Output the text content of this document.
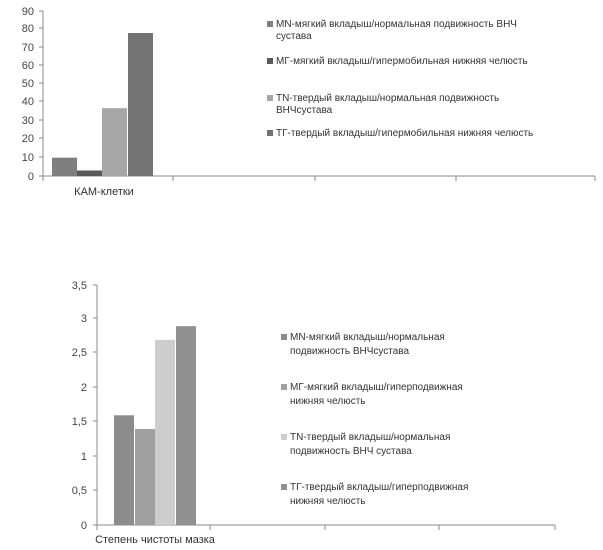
0
10
20
30
40
50
60
70
80
90
КАМ-клетки
MN-мягкий вкладыш/нормальная подвижность ВНЧ сустава
MГ-мягкий вкладыш/гипермобильная нижняя челюсть
TN-твердый вкладыш/нормальная подвижность ВНЧсустава
TГ-твердый вкладыш/гипермобильная нижняя челюсть
0
0,5
1
1,5
2
2,5
3
3,5
Степень чистоты мазка
MN-мягкий вкладыш/нормальная подвижность ВНЧсустава
MГ-мягкий вкладыш/гиперподвижная нижняя челюсть
TN-твердый вкладыш/нормальная подвижность ВНЧ сустава
TГ-твердый вкладыш/гиперподвижная нижняя челюсть
